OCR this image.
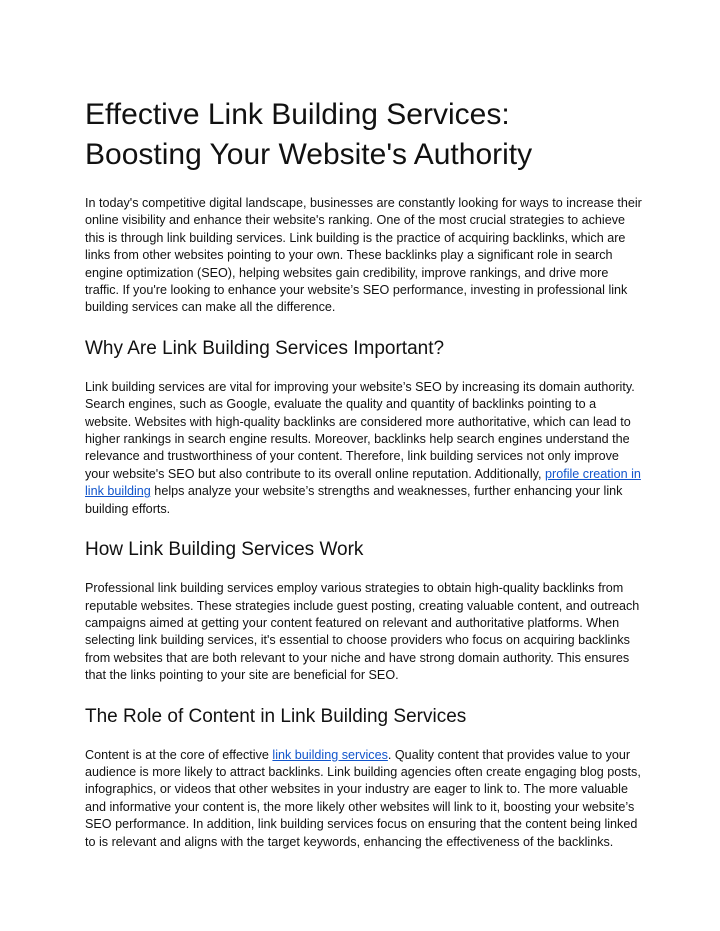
Effective Link Building Services:
Boosting Your Website's Authority

In today's competitive digital landscape, businesses are constantly looking for ways to increase their online visibility and enhance their website's ranking. One of the most crucial strategies to achieve this is through link building services. Link building is the practice of acquiring backlinks, which are links from other websites pointing to your own. These backlinks play a significant role in search engine optimization (SEO), helping websites gain credibility, improve rankings, and drive more traffic. If you're looking to enhance your website’s SEO performance, investing in professional link building services can make all the difference.

Why Are Link Building Services Important?

Link building services are vital for improving your website’s SEO by increasing its domain authority. Search engines, such as Google, evaluate the quality and quantity of backlinks pointing to a website. Websites with high-quality backlinks are considered more authoritative, which can lead to higher rankings in search engine results. Moreover, backlinks help search engines understand the relevance and trustworthiness of your content. Therefore, link building services not only improve your website's SEO but also contribute to its overall online reputation. Additionally, profile creation in link building helps analyze your website’s strengths and weaknesses, further enhancing your link building efforts.

How Link Building Services Work

Professional link building services employ various strategies to obtain high-quality backlinks from reputable websites. These strategies include guest posting, creating valuable content, and outreach campaigns aimed at getting your content featured on relevant and authoritative platforms. When selecting link building services, it's essential to choose providers who focus on acquiring backlinks from websites that are both relevant to your niche and have strong domain authority. This ensures that the links pointing to your site are beneficial for SEO.

The Role of Content in Link Building Services

Content is at the core of effective link building services. Quality content that provides value to your audience is more likely to attract backlinks. Link building agencies often create engaging blog posts, infographics, or videos that other websites in your industry are eager to link to. The more valuable and informative your content is, the more likely other websites will link to it, boosting your website’s SEO performance. In addition, link building services focus on ensuring that the content being linked to is relevant and aligns with the target keywords, enhancing the effectiveness of the backlinks.
